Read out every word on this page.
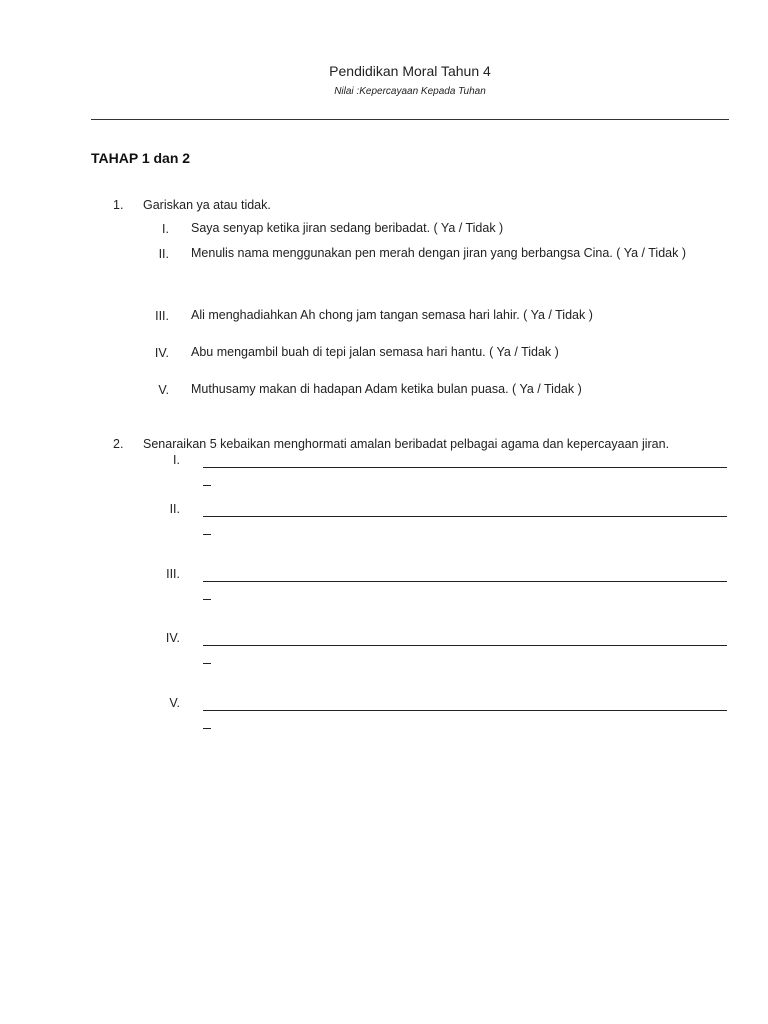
Pendidikan Moral Tahun 4
Nilai :Kepercayaan Kepada Tuhan
TAHAP 1 dan 2
1. Gariskan ya atau tidak.
I. Saya senyap ketika jiran sedang beribadat. ( Ya / Tidak )
II. Menulis nama menggunakan pen merah dengan jiran yang berbangsa Cina. ( Ya / Tidak )
III. Ali menghadiahkan Ah chong jam tangan semasa hari lahir. ( Ya / Tidak )
IV. Abu mengambil buah di tepi jalan semasa hari hantu. ( Ya / Tidak )
V. Muthusamy makan di hadapan Adam ketika bulan puasa. ( Ya / Tidak )
2. Senaraikan 5 kebaikan menghormati amalan beribadat pelbagai agama dan kepercayaan jiran.
I.
II.
III.
IV.
V.
